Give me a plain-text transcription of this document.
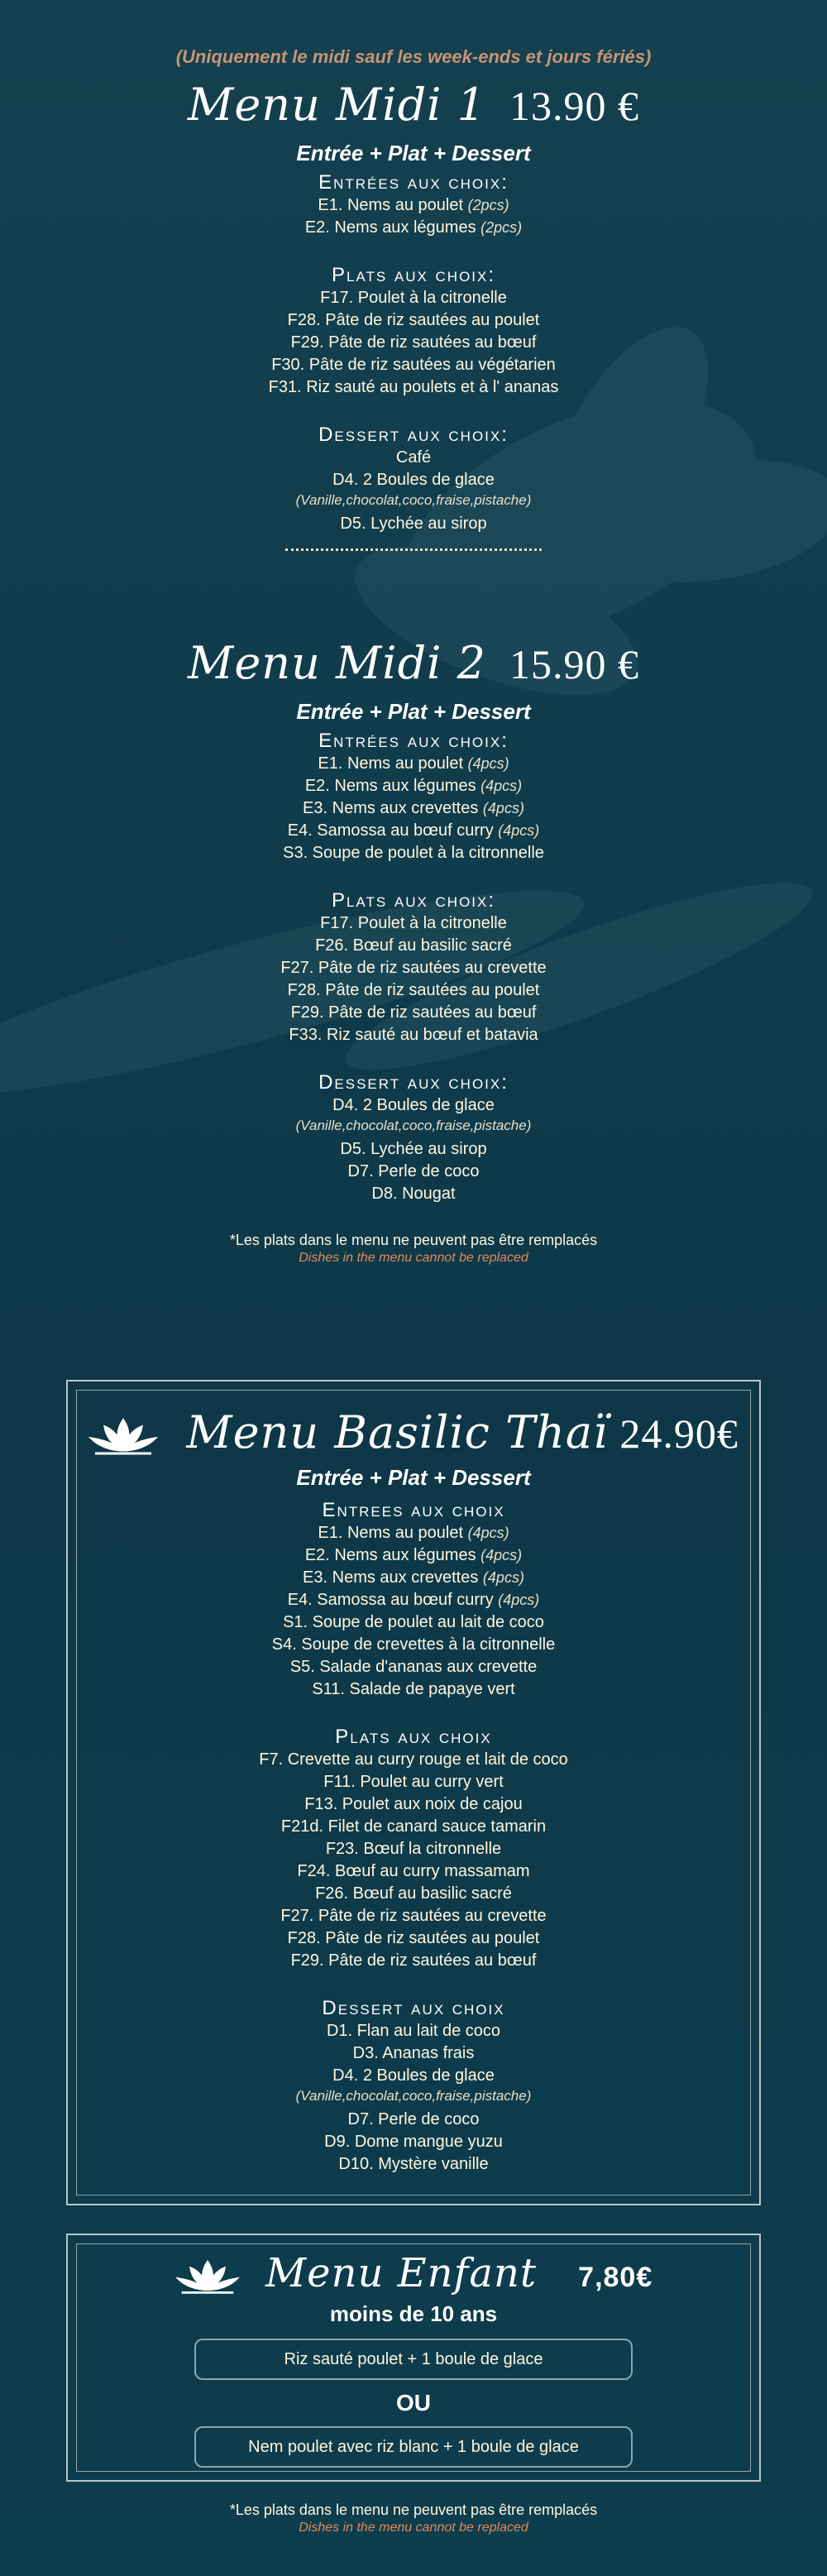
(Uniquement le midi sauf les week-ends et jours fériés)
Menu Midi 1 13.90 €
Entrée + Plat + Dessert
Entrées aux choix:
E1. Nems au poulet (2pcs)
E2. Nems aux légumes (2pcs)
Plats aux choix:
F17. Poulet à la citronelle
F28. Pâte de riz sautées au poulet
F29. Pâte de riz sautées au bœuf
F30. Pâte de riz sautées au végétarien
F31. Riz sauté au poulets et à l' ananas
Dessert aux choix:
Café
D4. 2 Boules de glace
(Vanille,chocolat,coco,fraise,pistache)
D5. Lychée au sirop
Menu Midi 2 15.90 €
Entrée + Plat + Dessert
Entrées aux choix:
E1. Nems au poulet (4pcs)
E2. Nems aux légumes (4pcs)
E3. Nems aux crevettes (4pcs)
E4. Samossa au bœuf curry (4pcs)
S3. Soupe de poulet à la citronnelle
Plats aux choix:
F17. Poulet à la citronelle
F26. Bœuf au basilic sacré
F27. Pâte de riz sautées au crevette
F28. Pâte de riz sautées au poulet
F29. Pâte de riz sautées au bœuf
F33. Riz sauté au bœuf et batavia
Dessert aux choix:
D4. 2 Boules de glace
(Vanille,chocolat,coco,fraise,pistache)
D5. Lychée au sirop
D7. Perle de coco
D8. Nougat
*Les plats dans le menu ne peuvent pas être remplacés
Dishes in the menu cannot be replaced
Menu Basilic Thaï 24.90€
Entrée + Plat + Dessert
Entrees aux choix
E1. Nems au poulet (4pcs)
E2. Nems aux légumes (4pcs)
E3. Nems aux crevettes (4pcs)
E4. Samossa au bœuf curry (4pcs)
S1. Soupe de poulet au lait de coco
S4. Soupe de crevettes à la citronnelle
S5. Salade d'ananas aux crevette
S11. Salade de papaye vert
Plats aux choix
F7. Crevette au curry rouge et lait de coco
F11. Poulet au curry vert
F13. Poulet aux noix de cajou
F21d. Filet de canard sauce tamarin
F23. Bœuf la citronnelle
F24. Bœuf au curry massamam
F26. Bœuf au basilic sacré
F27. Pâte de riz sautées au crevette
F28. Pâte de riz sautées au poulet
F29. Pâte de riz sautées au bœuf
Dessert aux choix
D1. Flan au lait de coco
D3. Ananas frais
D4. 2 Boules de glace
(Vanille,chocolat,coco,fraise,pistache)
D7. Perle de coco
D9. Dome mangue yuzu
D10. Mystère vanille
Menu Enfant 7,80€
moins de 10 ans
Riz sauté poulet + 1 boule de glace
OU
Nem poulet avec riz blanc + 1 boule de glace
*Les plats dans le menu ne peuvent pas être remplacés
Dishes in the menu cannot be replaced
